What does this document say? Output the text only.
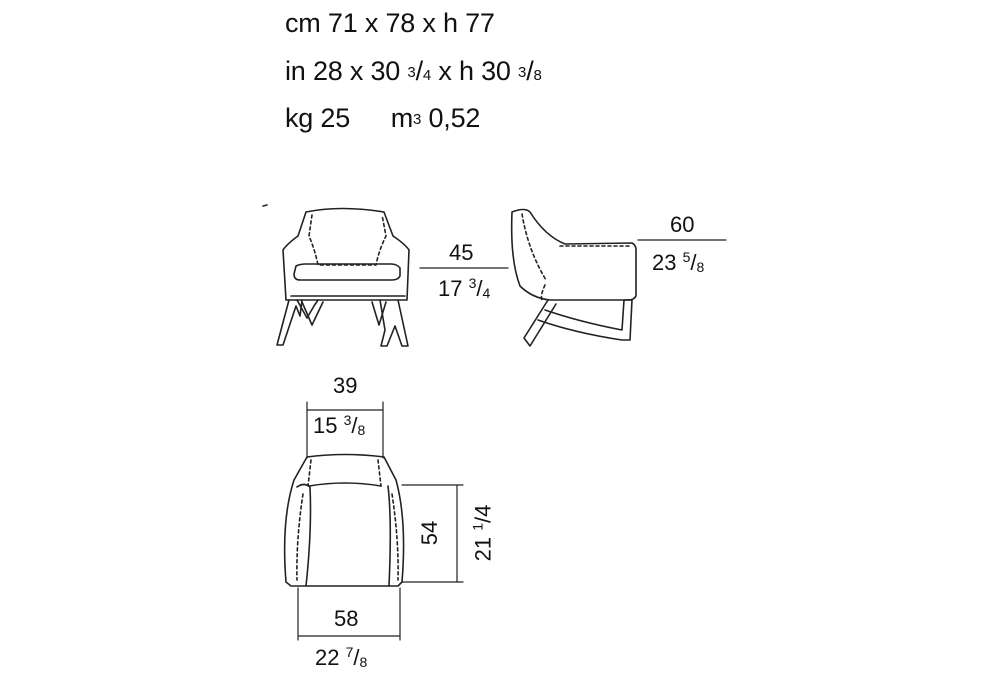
cm 71 x 78 x h 77
in 28 x 30 $^3$/4 x h 30 $^3$/8
kg 25 $m^3$ 0,52
45
17 $^3$/4
60
23 $^5$/8
39
15 $^3$/8
54
21 $^1$/4
58
22 $^7$/8
